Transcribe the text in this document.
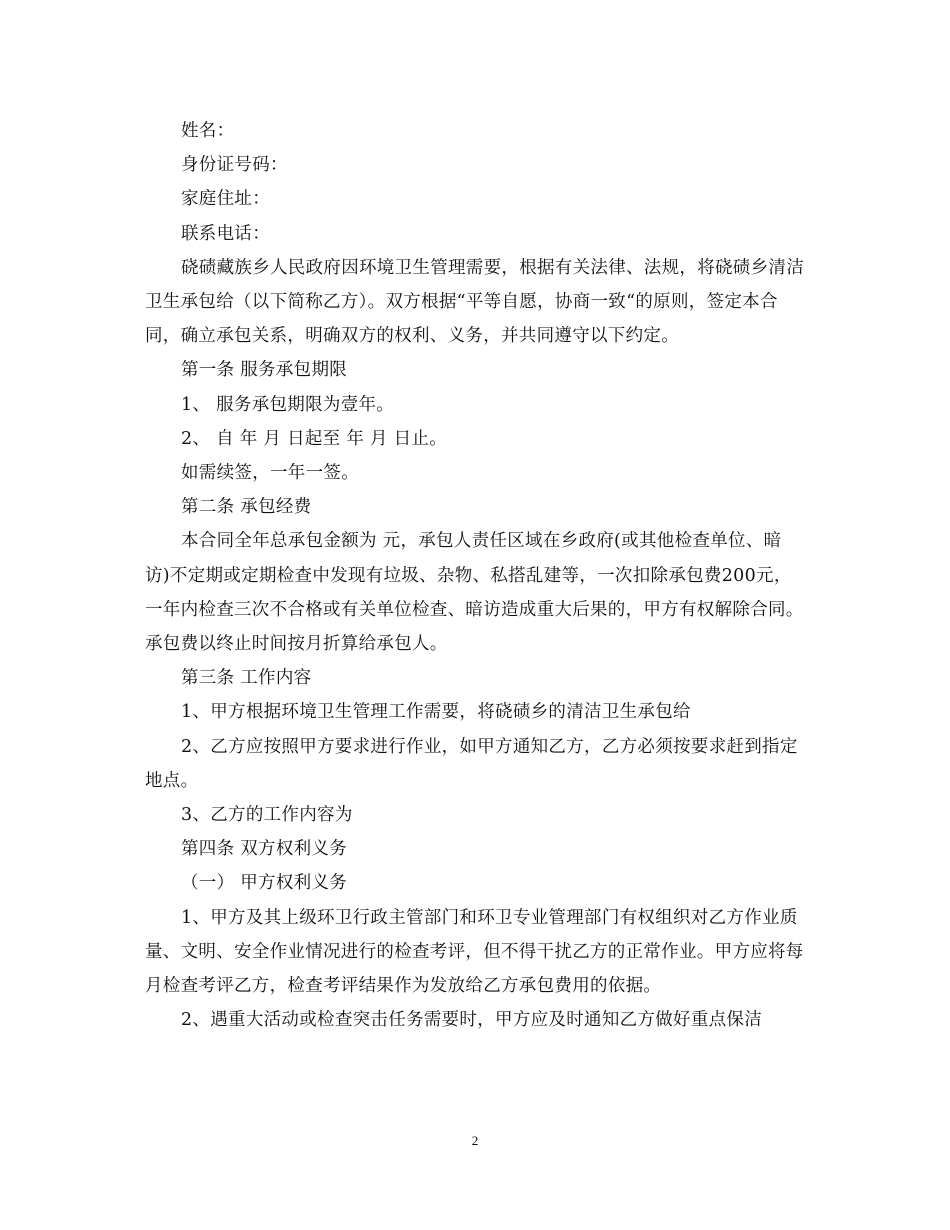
姓名：

身份证号码：

家庭住址：

联系电话：

硗碛藏族乡人民政府因环境卫生管理需要，根据有关法律、法规，将硗碛乡清洁卫生承包给（以下简称乙方）。双方根据“平等自愿，协商一致“的原则，签定本合同，确立承包关系，明确双方的权利、义务，并共同遵守以下约定。

第一条 服务承包期限

1、 服务承包期限为壹年。

2、 自 年 月 日起至 年 月 日止。

如需续签，一年一签。

第二条 承包经费

本合同全年总承包金额为 元，承包人责任区域在乡政府(或其他检查单位、暗访)不定期或定期检查中发现有垃圾、杂物、私搭乱建等，一次扣除承包费200元，一年内检查三次不合格或有关单位检查、暗访造成重大后果的，甲方有权解除合同。承包费以终止时间按月折算给承包人。

第三条 工作内容

1、甲方根据环境卫生管理工作需要，将硗碛乡的清洁卫生承包给

2、乙方应按照甲方要求进行作业，如甲方通知乙方，乙方必须按要求赶到指定地点。

3、乙方的工作内容为

第四条 双方权利义务

（一） 甲方权利义务

1、甲方及其上级环卫行政主管部门和环卫专业管理部门有权组织对乙方作业质量、文明、安全作业情况进行的检查考评，但不得干扰乙方的正常作业。甲方应将每月检查考评乙方，检查考评结果作为发放给乙方承包费用的依据。

2、遇重大活动或检查突击任务需要时，甲方应及时通知乙方做好重点保洁

2
